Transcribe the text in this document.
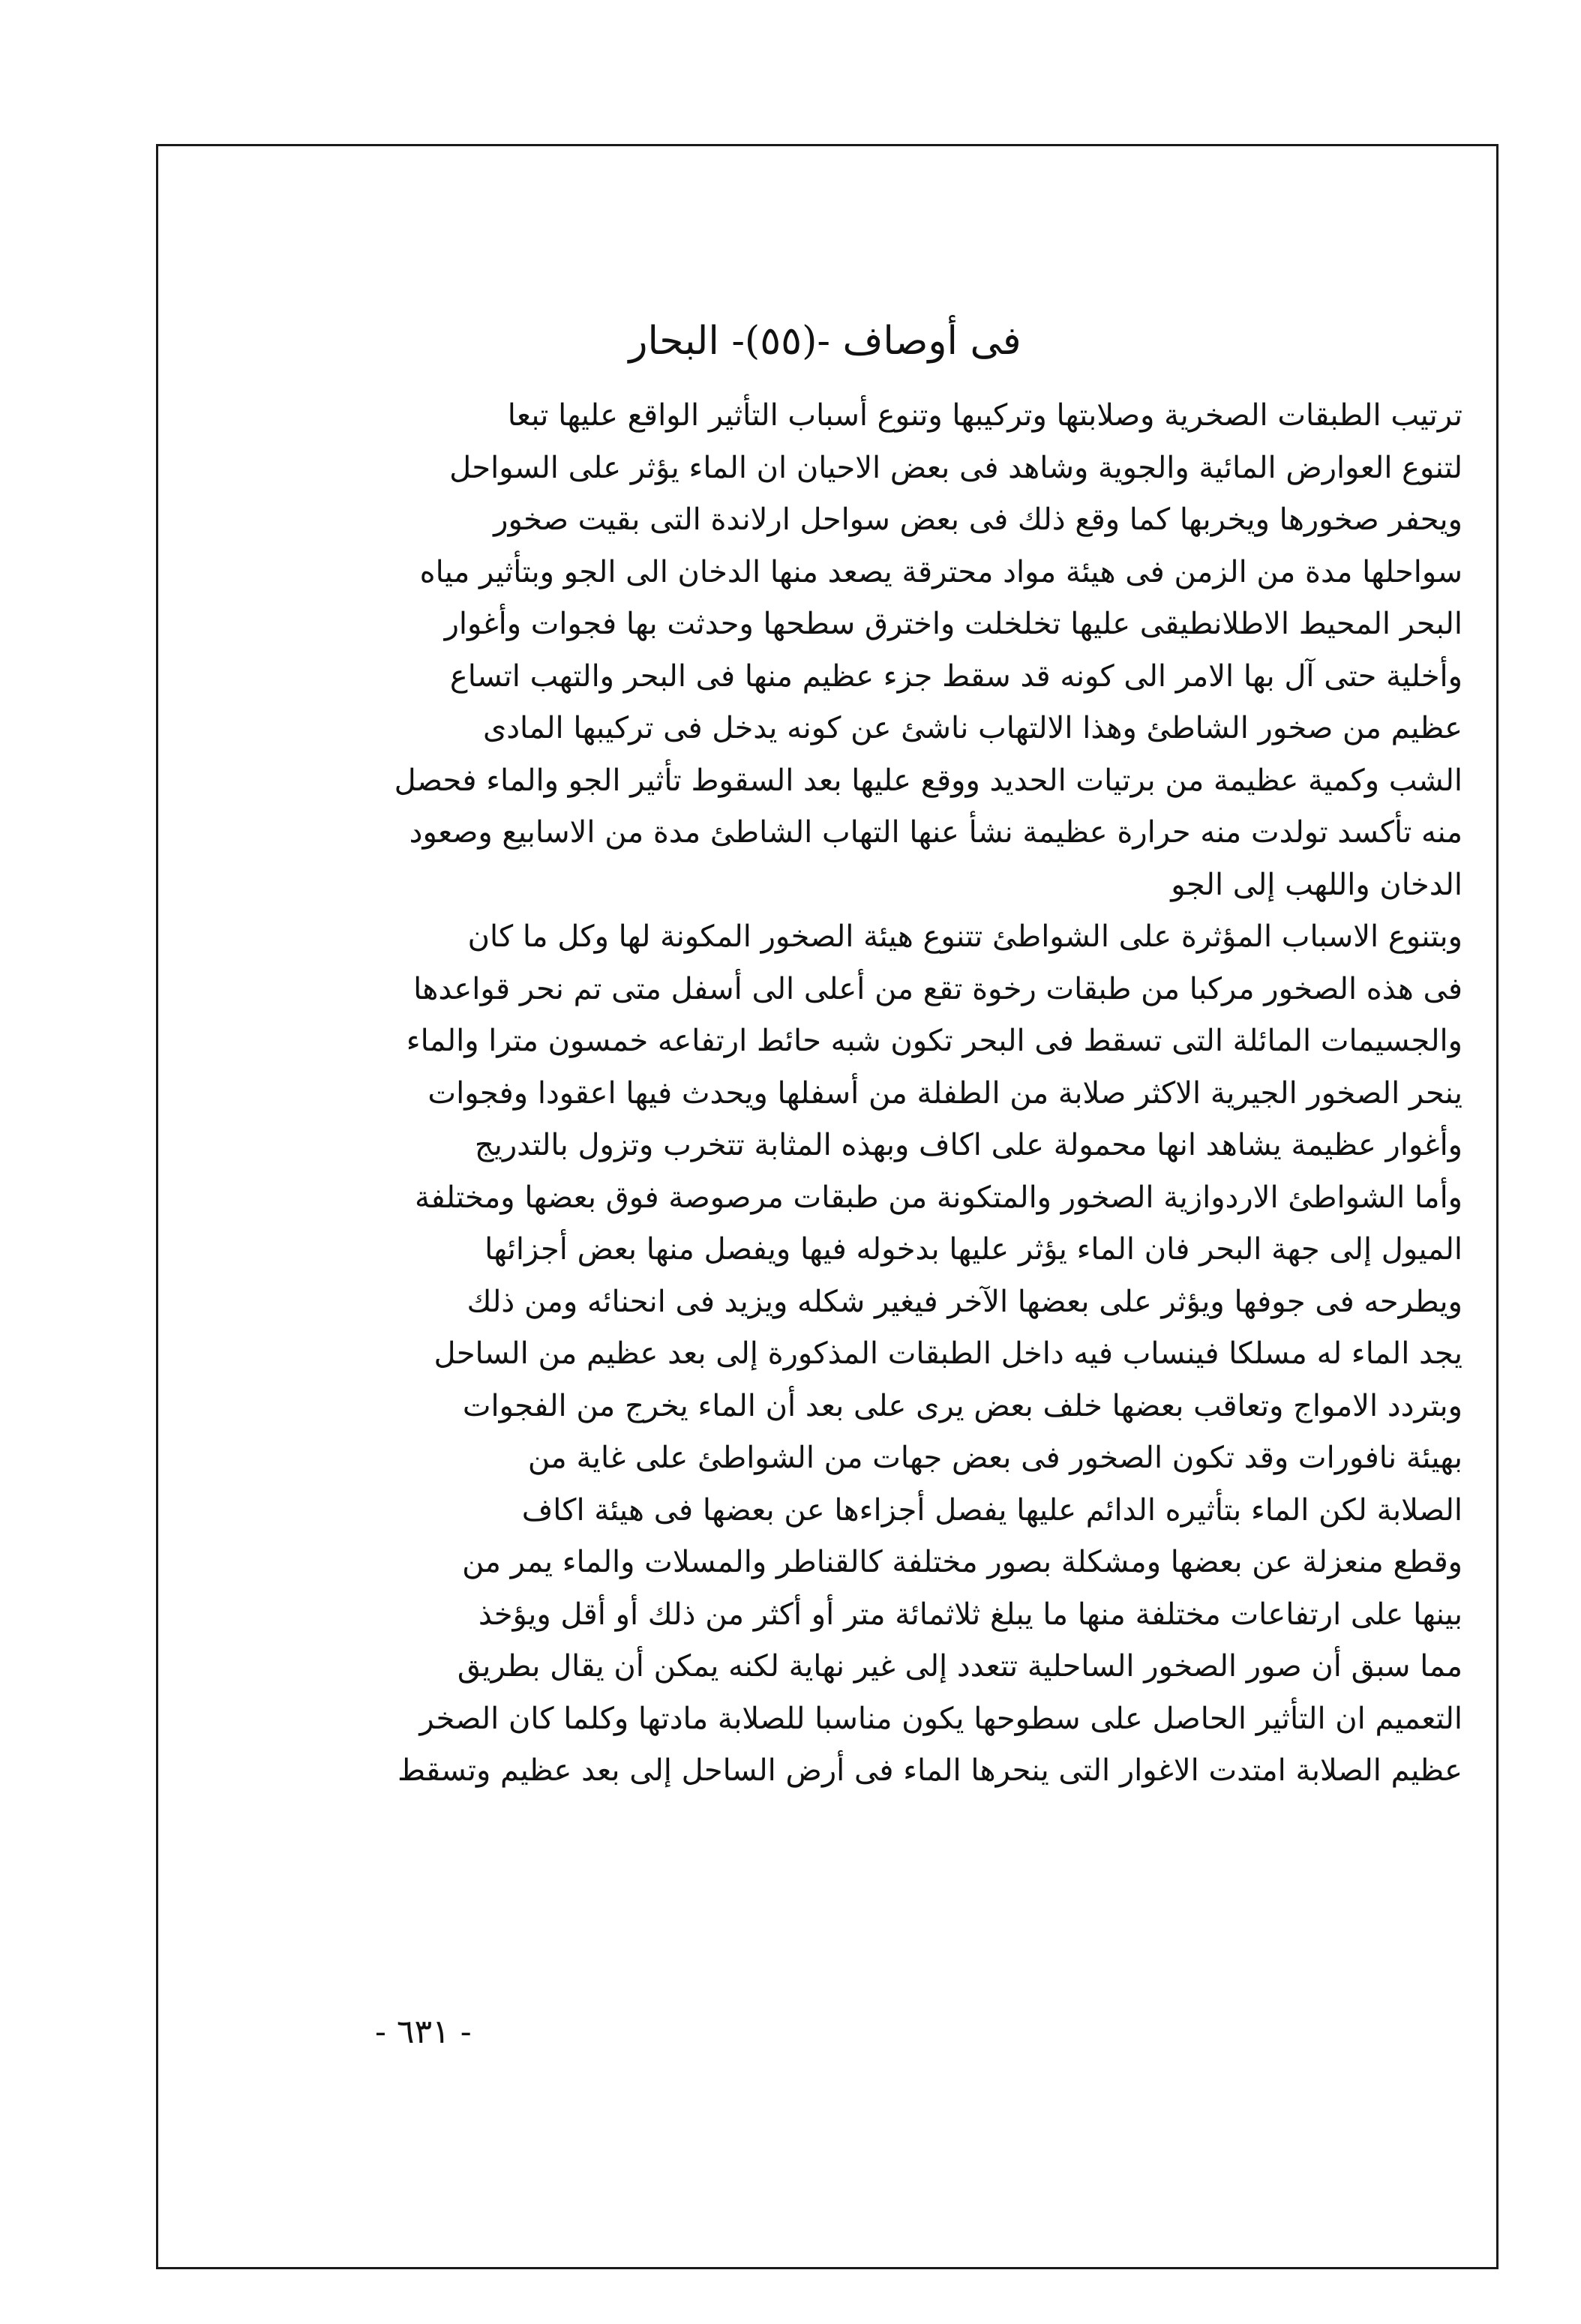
فى أوصاف -(٥٥)- البحار
ترتيب الطبقات الصخرية وصلابتها وتركيبها وتنوع أسباب التأثير الواقع عليها تبعا
لتنوع العوارض المائية والجوية وشاهد فى بعض الاحيان ان الماء يؤثر على السواحل
ويحفر صخورها ويخربها كما وقع ذلك فى بعض سواحل ارلاندة التى بقيت صخور
سواحلها مدة من الزمن فى هيئة مواد محترقة يصعد منها الدخان الى الجو وبتأثير مياه
البحر المحيط الاطلانطيقى عليها تخلخلت واخترق سطحها وحدثت بها فجوات وأغوار
وأخلية حتى آل بها الامر الى كونه قد سقط جزء عظيم منها فى البحر والتهب اتساع
عظيم من صخور الشاطئ وهذا الالتهاب ناشئ عن كونه يدخل فى تركيبها المادى
الشب وكمية عظيمة من برتيات الحديد ووقع عليها بعد السقوط تأثير الجو والماء فحصل
منه تأكسد تولدت منه حرارة عظيمة نشأ عنها التهاب الشاطئ مدة من الاسابيع وصعود
الدخان واللهب إلى الجو
وبتنوع الاسباب المؤثرة على الشواطئ تتنوع هيئة الصخور المكونة لها وكل ما كان
فى هذه الصخور مركبا من طبقات رخوة تقع من أعلى الى أسفل متى تم نحر قواعدها
والجسيمات المائلة التى تسقط فى البحر تكون شبه حائط ارتفاعه خمسون مترا والماء
ينحر الصخور الجيرية الاكثر صلابة من الطفلة من أسفلها ويحدث فيها اعقودا وفجوات
وأغوار عظيمة يشاهد انها محمولة على اكاف وبهذه المثابة تتخرب وتزول بالتدريج
وأما الشواطئ الاردوازية الصخور والمتكونة من طبقات مرصوصة فوق بعضها ومختلفة
الميول إلى جهة البحر فان الماء يؤثر عليها بدخوله فيها ويفصل منها بعض أجزائها
ويطرحه فى جوفها ويؤثر على بعضها الآخر فيغير شكله ويزيد فى انحنائه ومن ذلك
يجد الماء له مسلكا فينساب فيه داخل الطبقات المذكورة إلى بعد عظيم من الساحل
وبتردد الامواج وتعاقب بعضها خلف بعض يرى على بعد أن الماء يخرج من الفجوات
بهيئة نافورات وقد تكون الصخور فى بعض جهات من الشواطئ على غاية من
الصلابة لكن الماء بتأثيره الدائم عليها يفصل أجزاءها عن بعضها فى هيئة اكاف
وقطع منعزلة عن بعضها ومشكلة بصور مختلفة كالقناطر والمسلات والماء يمر من
بينها على ارتفاعات مختلفة منها ما يبلغ ثلاثمائة متر أو أكثر من ذلك أو أقل ويؤخذ
مما سبق أن صور الصخور الساحلية تتعدد إلى غير نهاية لكنه يمكن أن يقال بطريق
التعميم ان التأثير الحاصل على سطوحها يكون مناسبا للصلابة مادتها وكلما كان الصخر
عظيم الصلابة امتدت الاغوار التى ينحرها الماء فى أرض الساحل إلى بعد عظيم وتسقط
- ٦٣١ -
